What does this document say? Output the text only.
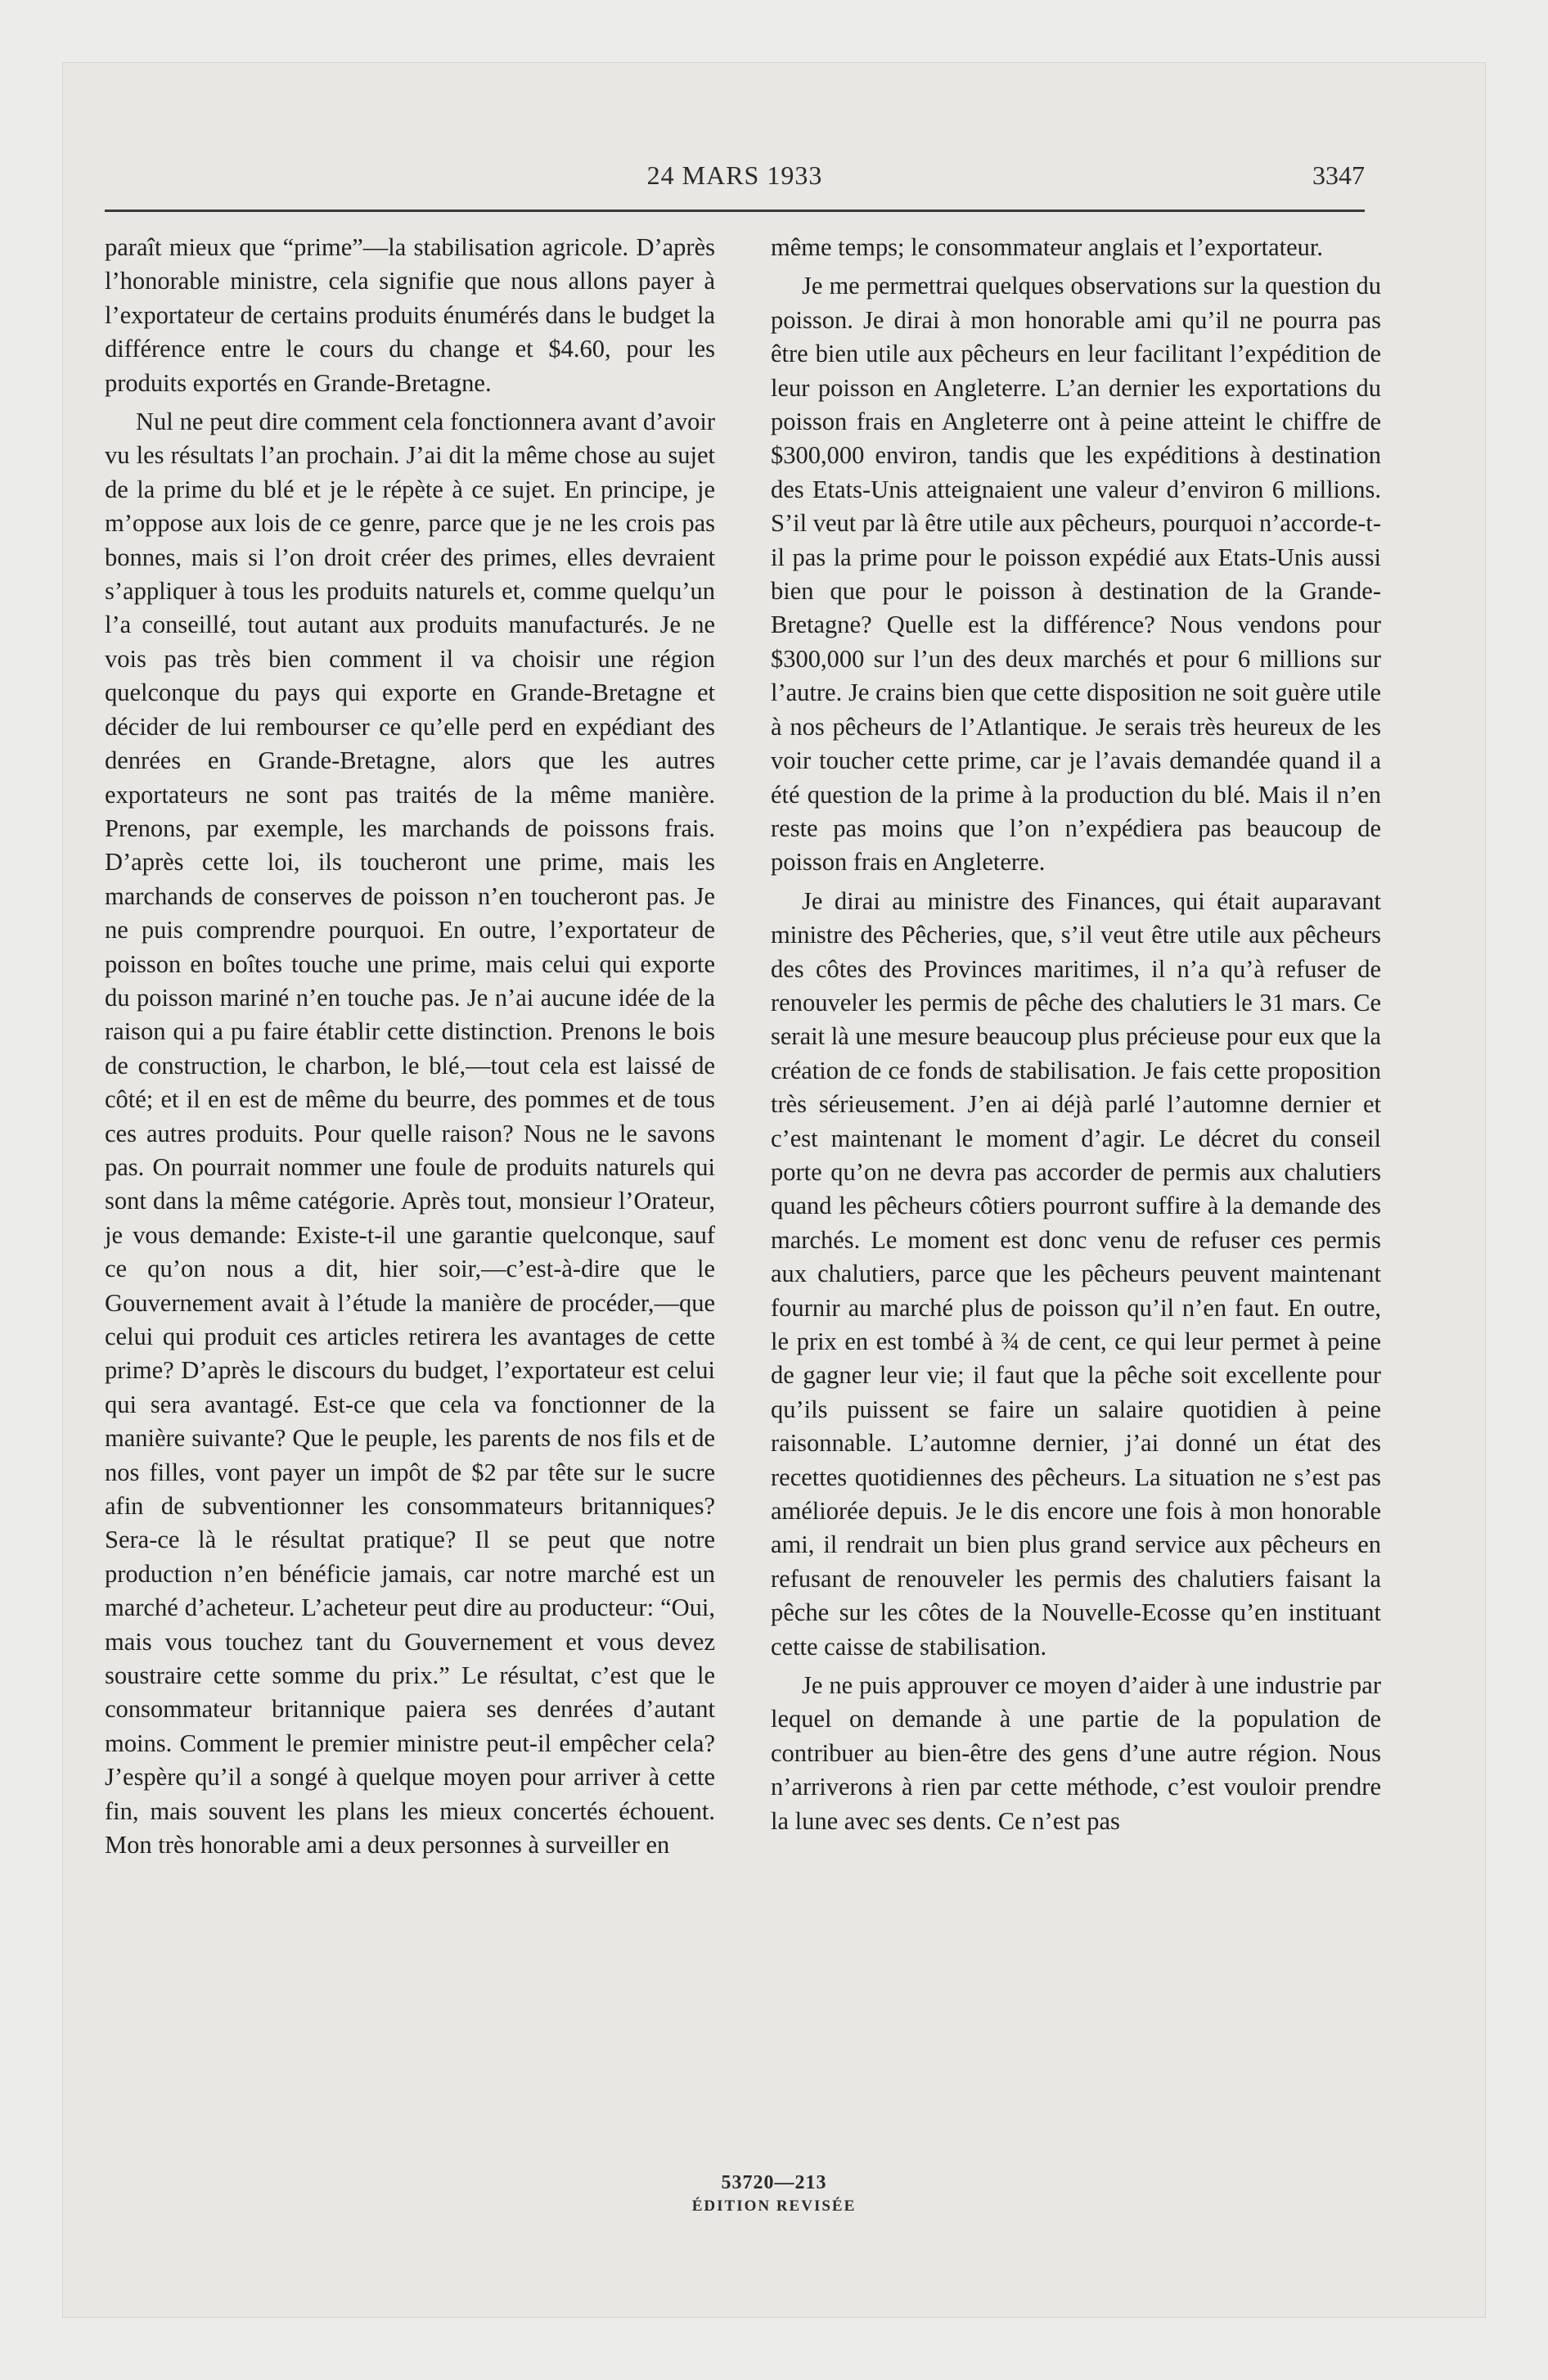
24 MARS 1933	3347

paraît mieux que “prime”—la stabilisation agricole. D’après l’honorable ministre, cela signifie que nous allons payer à l’exportateur de certains produits énumérés dans le budget la différence entre le cours du change et $4.60, pour les produits exportés en Grande-Bretagne.

Nul ne peut dire comment cela fonctionnera avant d’avoir vu les résultats l’an prochain. J’ai dit la même chose au sujet de la prime du blé et je le répète à ce sujet. En principe, je m’oppose aux lois de ce genre, parce que je ne les crois pas bonnes, mais si l’on droit créer des primes, elles devraient s’appliquer à tous les produits naturels et, comme quelqu’un l’a conseillé, tout autant aux produits manufacturés. Je ne vois pas très bien comment il va choisir une région quelconque du pays qui exporte en Grande-Bretagne et décider de lui rembourser ce qu’elle perd en expédiant des denrées en Grande-Bretagne, alors que les autres exportateurs ne sont pas traités de la même manière. Prenons, par exemple, les marchands de poissons frais. D’après cette loi, ils toucheront une prime, mais les marchands de conserves de poisson n’en toucheront pas. Je ne puis comprendre pourquoi. En outre, l’exportateur de poisson en boîtes touche une prime, mais celui qui exporte du poisson mariné n’en touche pas. Je n’ai aucune idée de la raison qui a pu faire établir cette distinction. Prenons le bois de construction, le charbon, le blé,—tout cela est laissé de côté; et il en est de même du beurre, des pommes et de tous ces autres produits. Pour quelle raison? Nous ne le savons pas. On pourrait nommer une foule de produits naturels qui sont dans la même catégorie. Après tout, monsieur l’Orateur, je vous demande: Existe-t-il une garantie quelconque, sauf ce qu’on nous a dit, hier soir,—c’est-à-dire que le Gouvernement avait à l’étude la manière de procéder,—que celui qui produit ces articles retirera les avantages de cette prime? D’après le discours du budget, l’exportateur est celui qui sera avantagé. Est-ce que cela va fonctionner de la manière suivante? Que le peuple, les parents de nos fils et de nos filles, vont payer un impôt de $2 par tête sur le sucre afin de subventionner les consommateurs britanniques? Sera-ce là le résultat pratique? Il se peut que notre production n’en bénéficie jamais, car notre marché est un marché d’acheteur. L’acheteur peut dire au producteur: “Oui, mais vous touchez tant du Gouvernement et vous devez soustraire cette somme du prix.” Le résultat, c’est que le consommateur britannique paiera ses denrées d’autant moins. Comment le premier ministre peut-il empêcher cela? J’espère qu’il a songé à quelque moyen pour arriver à cette fin, mais souvent les plans les mieux concertés échouent. Mon très honorable ami a deux personnes à surveiller en

même temps; le consommateur anglais et l’exportateur.

Je me permettrai quelques observations sur la question du poisson. Je dirai à mon honorable ami qu’il ne pourra pas être bien utile aux pêcheurs en leur facilitant l’expédition de leur poisson en Angleterre. L’an dernier les exportations du poisson frais en Angleterre ont à peine atteint le chiffre de $300,000 environ, tandis que les expéditions à destination des Etats-Unis atteignaient une valeur d’environ 6 millions. S’il veut par là être utile aux pêcheurs, pourquoi n’accorde-t-il pas la prime pour le poisson expédié aux Etats-Unis aussi bien que pour le poisson à destination de la Grande-Bretagne? Quelle est la différence? Nous vendons pour $300,000 sur l’un des deux marchés et pour 6 millions sur l’autre. Je crains bien que cette disposition ne soit guère utile à nos pêcheurs de l’Atlantique. Je serais très heureux de les voir toucher cette prime, car je l’avais demandée quand il a été question de la prime à la production du blé. Mais il n’en reste pas moins que l’on n’expédiera pas beaucoup de poisson frais en Angleterre.

Je dirai au ministre des Finances, qui était auparavant ministre des Pêcheries, que, s’il veut être utile aux pêcheurs des côtes des Provinces maritimes, il n’a qu’à refuser de renouveler les permis de pêche des chalutiers le 31 mars. Ce serait là une mesure beaucoup plus précieuse pour eux que la création de ce fonds de stabilisation. Je fais cette proposition très sérieusement. J’en ai déjà parlé l’automne dernier et c’est maintenant le moment d’agir. Le décret du conseil porte qu’on ne devra pas accorder de permis aux chalutiers quand les pêcheurs côtiers pourront suffire à la demande des marchés. Le moment est donc venu de refuser ces permis aux chalutiers, parce que les pêcheurs peuvent maintenant fournir au marché plus de poisson qu’il n’en faut. En outre, le prix en est tombé à ¾ de cent, ce qui leur permet à peine de gagner leur vie; il faut que la pêche soit excellente pour qu’ils puissent se faire un salaire quotidien à peine raisonnable. L’automne dernier, j’ai donné un état des recettes quotidiennes des pêcheurs. La situation ne s’est pas améliorée depuis. Je le dis encore une fois à mon honorable ami, il rendrait un bien plus grand service aux pêcheurs en refusant de renouveler les permis des chalutiers faisant la pêche sur les côtes de la Nouvelle-Ecosse qu’en instituant cette caisse de stabilisation.

Je ne puis approuver ce moyen d’aider à une industrie par lequel on demande à une partie de la population de contribuer au bien-être des gens d’une autre région. Nous n’arriverons à rien par cette méthode, c’est vouloir prendre la lune avec ses dents. Ce n’est pas

53720—213
ÉDITION REVISÉE
